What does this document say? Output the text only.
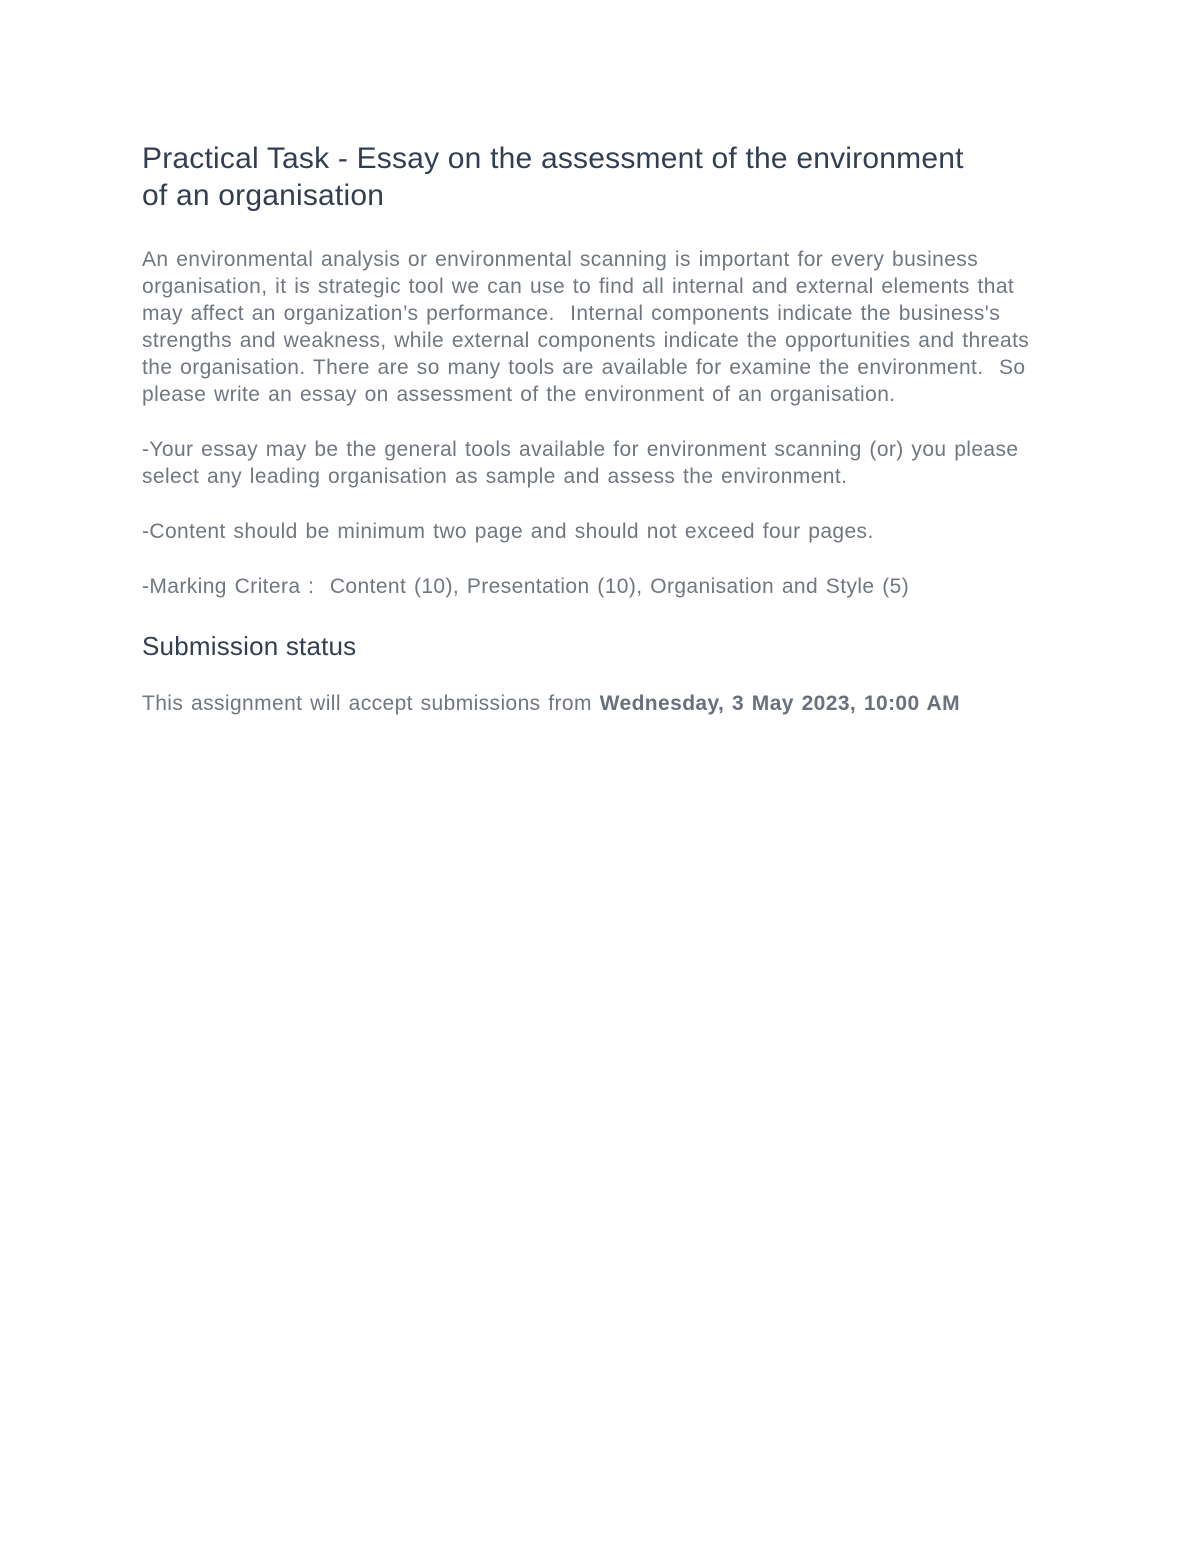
Practical Task - Essay on the assessment of the environment of an organisation

An environmental analysis or environmental scanning is important for every business organisation, it is strategic tool we can use to find all internal and external elements that may affect an organization’s performance.  Internal components indicate the business's strengths and weakness, while external components indicate the opportunities and threats the organisation. There are so many tools are available for examine the environment.  So please write an essay on assessment of the environment of an organisation.

-Your essay may be the general tools available for environment scanning (or) you please select any leading organisation as sample and assess the environment.

-Content should be minimum two page and should not exceed four pages.

-Marking Critera :  Content (10), Presentation (10), Organisation and Style (5)

Submission status

This assignment will accept submissions from Wednesday, 3 May 2023, 10:00 AM
